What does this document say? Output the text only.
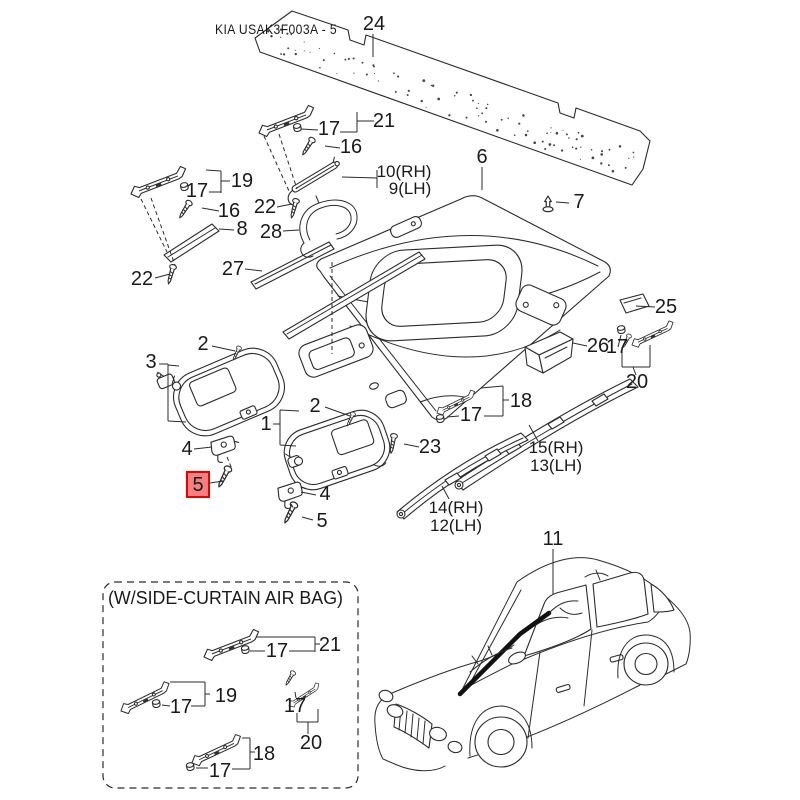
KIA USAK3F003A - 5
(W/SIDE-CURTAIN AIR BAG)
24
21
17
16
10(RH)
9(LH)
19
17
16
8
22
28
27
22
6
7
25
26
17
20
3
2
2
1
23
18
17
15(RH)
13(LH)
14(RH)
12(LH)
4
5	4
5
11
21
17
19
17	17
20
18
17
